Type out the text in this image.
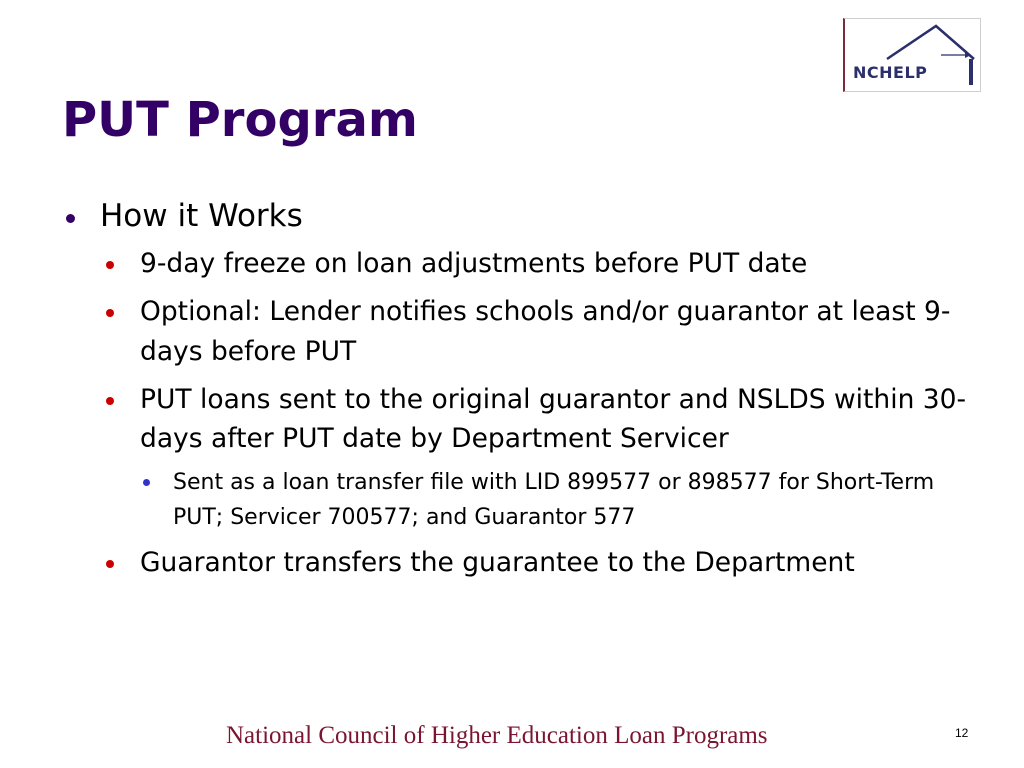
NCHELP
PUT Program
How it Works
9-day freeze on loan adjustments before PUT date
Optional: Lender notifies schools and/or guarantor at least 9-days before PUT
PUT loans sent to the original guarantor and NSLDS within 30-days after PUT date by Department Servicer
Sent as a loan transfer file with LID 899577 or 898577 for Short-Term PUT; Servicer 700577; and Guarantor 577
Guarantor transfers the guarantee to the Department
National Council of Higher Education Loan Programs	12
